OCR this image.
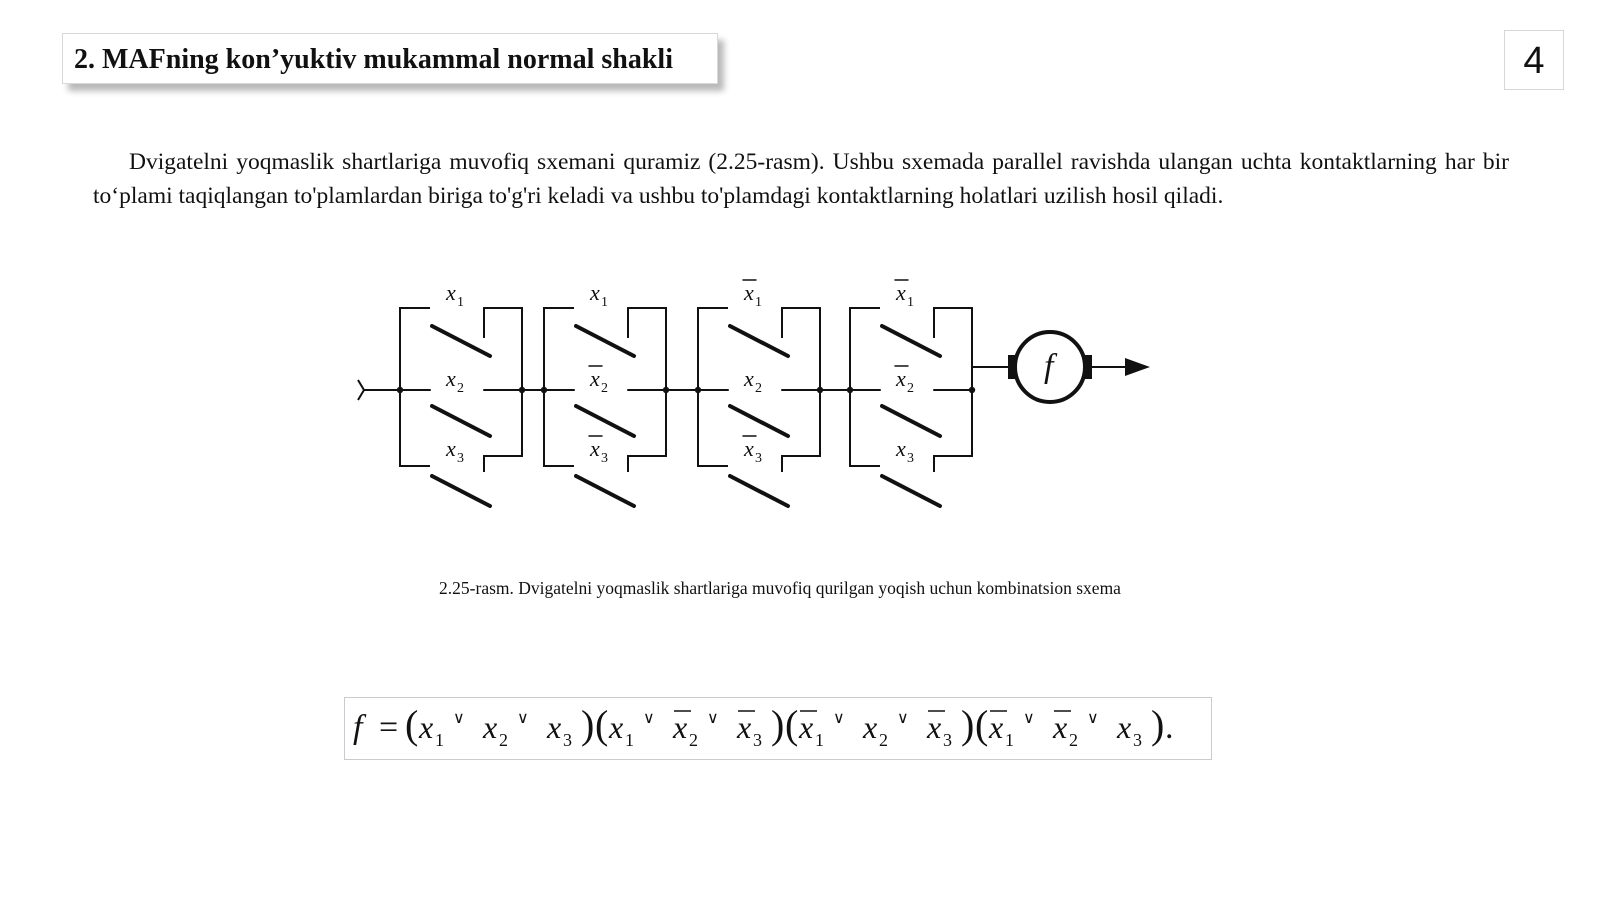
2. MAFning kon’yuktiv mukammal normal shakli	4

Dvigatelni yoqmaslik shartlariga muvofiq sxemani quramiz (2.25-rasm). Ushbu sxemada parallel ravishda ulangan uchta kontaktlarning har bir to‘plami taqiqlangan to'plamlardan biriga to'g'ri keladi va ushbu to'plamdagi kontaktlarning holatlari uzilish hosil qiladi.

x 1
x 2
x 3
x 1
x 2
x 3
x 1
x 2
x 3
x 1
x 2
x 3
f
2.25-rasm. Dvigatelni yoqmaslik shartlariga muvofiq qurilgan yoqish uchun kombinatsion sxema
f = ( x 1
∨ x 2
∨ x 3 ) ( x 1
∨ x 2
∨ x 3 ) ( x 1
∨ x 2
∨ x 3 ) ( x 1
∨ x 2
∨ x 3 ) .
